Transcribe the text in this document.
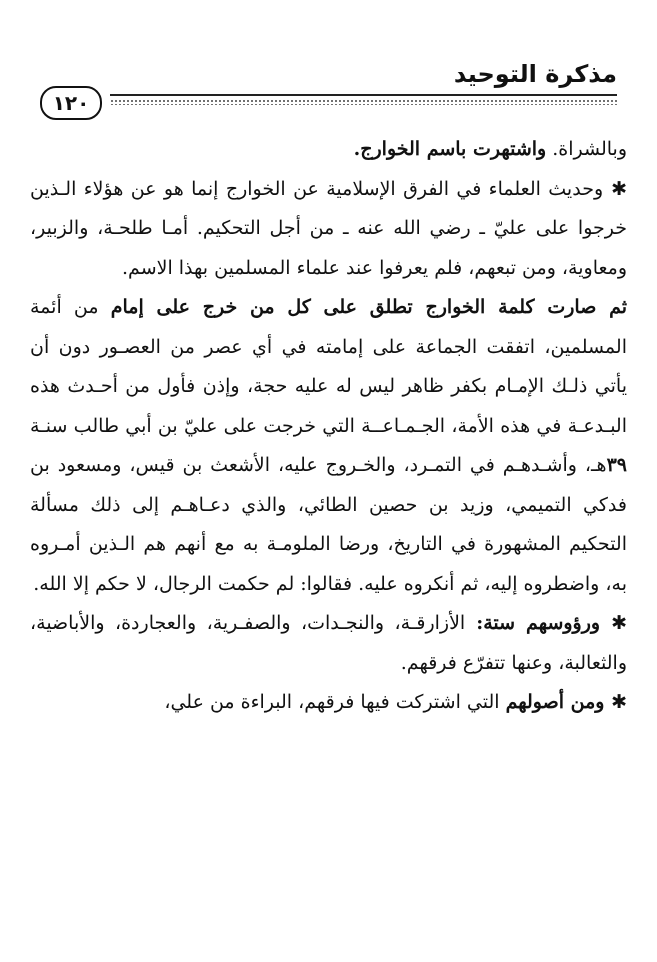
مذكرة التوحيد
١٢٠

وبالشراة. واشتهرت باسم الخوارج.

✱ وحديث العلماء في الفرق الإسلامية عن الخوارج إنما هو عن هؤلاء الـذين خرجوا على عليّ ـ رضي الله عنه ـ من أجل التحكيم. أمـا طلحـة، والزبير، ومعاوية، ومن تبعهم، فلم يعرفوا عند علماء المسلمين بهذا الاسم.

ثم صارت كلمة الخوارج تطلق على كل من خرج على إمام من أئمة المسلمين، اتفقت الجماعة على إمامته في أي عصر من العصـور دون أن يأتي ذلـك الإمـام بكفر ظاهر ليس له عليه حجة، وإذن فأول من أحـدث هذه البـدعـة في هذه الأمة، الجـمـاعــة التي خرجت على عليّ بن أبي طالب سنـة ٣٩هـ، وأشـدهـم في التمـرد، والخـروج عليه، الأشعث بن قيس، ومسعود بن فدكي التميمي، وزيد بن حصين الطائي، والذي دعـاهـم إلى ذلك مسألة التحكيم المشهورة في التاريخ، ورضا الملومـة به مع أنهم هم الـذين أمـروه به، واضطروه إليه، ثم أنكروه عليه. فقالوا: لم حكمت الرجال، لا حكم إلا الله.

✱ ورؤوسهم ستة: الأزارقـة، والنجـدات، والصفـرية، والعجاردة، والأباضية، والثعالبة، وعنها تتفرّع فرقهم.

✱ ومن أصولهم التي اشتركت فيها فرقهم، البراءة من علي،
